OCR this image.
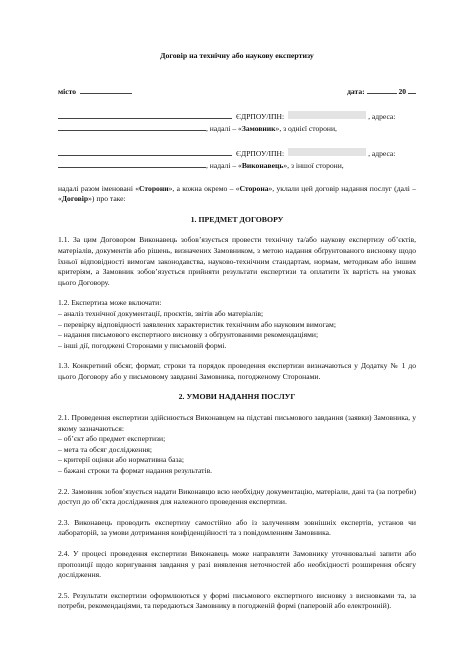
Договір на технічну або наукову експертизу
місто	дата:	20
ЄДРПОУ/ІПН:	, адреса:
, надалі – « Замовник », з однієї сторони,
ЄДРПОУ/ІПН:	, адреса:
, надалі – « Виконавець », з іншої сторони,

надалі разом іменовані «Сторони», а кожна окремо – «Сторона», уклали цей договір надання послуг (далі – «Договір») про таке:

1. ПРЕДМЕТ ДОГОВОРУ

1.1. За цим Договором Виконавець зобов’язується провести технічну та/або наукову експертизу об’єктів, матеріалів, документів або рішень, визначених Замовником, з метою надання обґрунтованого висновку щодо їхньої відповідності вимогам законодавства, науково-технічним стандартам, нормам, методикам або іншим критеріям, а Замовник зобов’язується прийняти результати експертизи та оплатити їх вартість на умовах цього Договору.

1.2. Експертиза може включати:
– аналіз технічної документації, проєктів, звітів або матеріалів;
– перевірку відповідності заявлених характеристик технічним або науковим вимогам;
– надання письмового експертного висновку з обґрунтованими рекомендаціями;
– інші дії, погоджені Сторонами у письмовій формі.

1.3. Конкретний обсяг, формат, строки та порядок проведення експертизи визначаються у Додатку № 1 до цього Договору або у письмовому завданні Замовника, погодженому Сторонами.

2. УМОВИ НАДАННЯ ПОСЛУГ
2.1. Проведення експертизи здійснюється Виконавцем на підставі письмового завдання (заявки) Замовника, у якому зазначаються:
– об’єкт або предмет експертизи;
– мета та обсяг дослідження;
– критерії оцінки або нормативна база;
– бажані строки та формат надання результатів.

2.2. Замовник зобов’язується надати Виконавцю всю необхідну документацію, матеріали, дані та (за потреби) доступ до об’єкта дослідження для належного проведення експертизи.

2.3. Виконавець проводить експертизу самостійно або із залученням зовнішніх експертів, установ чи лабораторій, за умови дотримання конфіденційності та з повідомленням Замовника.

2.4. У процесі проведення експертизи Виконавець може направляти Замовнику уточнювальні запити або пропозиції щодо коригування завдання у разі виявлення неточностей або необхідності розширення обсягу дослідження.

2.5. Результати експертизи оформлюються у формі письмового експертного висновку з висновками та, за потреби, рекомендаціями, та передаються Замовнику в погодженій формі (паперовій або електронній).
